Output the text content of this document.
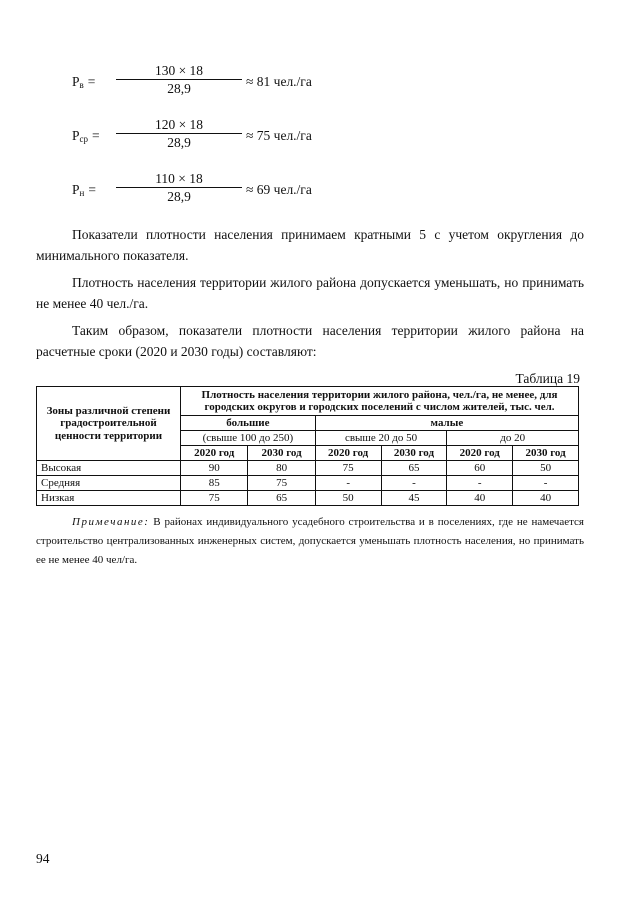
$P_в$ =
130 × 18
28,9	≈ 81 чел./га
$P_{ср}$ =
120 × 18
28,9	≈ 75 чел./га
$P_н$ =
110 × 18
28,9	≈ 69 чел./га

Показатели плотности населения принимаем кратными 5 с учетом округления до минимального показателя.

Плотность населения территории жилого района допускается уменьшать, но принимать не менее 40 чел./га.

Таким образом, показатели плотности населения территории жилого района на расчетные сроки (2020 и 2030 годы) составляют:

Таблица 19
Зоны различной степени градостроительной ценности территории	Плотность населения территории жилого района, чел./га, не менее, для городских округов и городских поселений с числом жителей, тыс. чел.					
	большие		малые			
	(свыше 100 до 250)		свыше 20 до 50		до 20	
	2020 год	2030 год	2020 год	2030 год	2020 год	2030 год
Высокая	90	80	75	65	60	50
Средняя	85	75	-	-	-	-
Низкая	75	65	50	45	40	40

Примечание: В районах индивидуального усадебного строительства и в поселениях, где не намечается строительство централизованных инженерных систем, допускается уменьшать плотность населения, но принимать ее не менее 40 чел/га.

94
